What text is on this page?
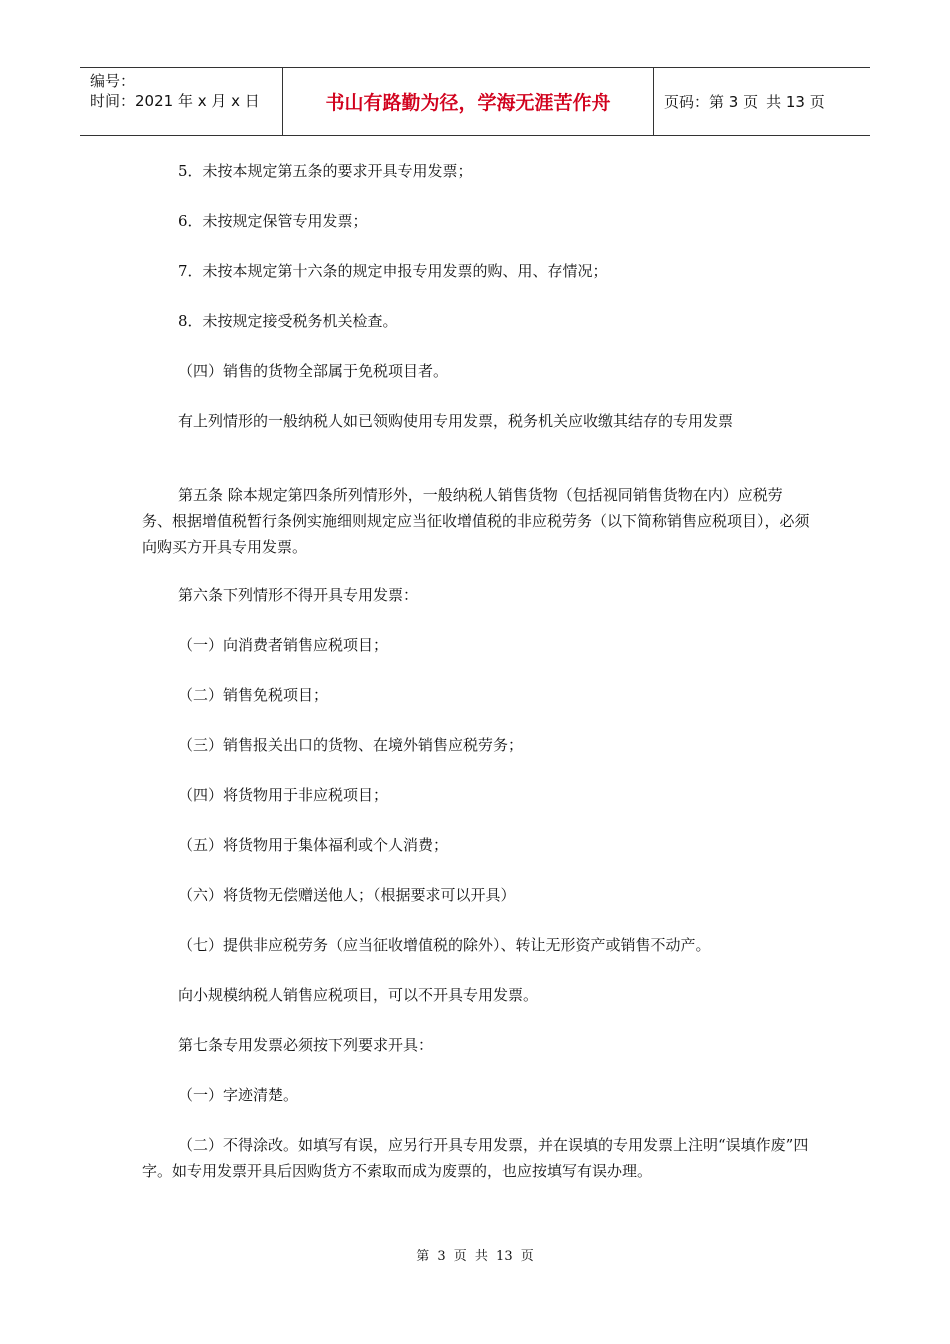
编号：
时间：2021 年 x 月 x 日	书山有路勤为径，学海无涯苦作舟	页码：第 3 页 共 13 页

5．未按本规定第五条的要求开具专用发票；

6．未按规定保管专用发票；

7．未按本规定第十六条的规定申报专用发票的购、用、存情况；

8．未按规定接受税务机关检查。

（四）销售的货物全部属于免税项目者。

有上列情形的一般纳税人如已领购使用专用发票，税务机关应收缴其结存的专用发票

第五条 除本规定第四条所列情形外，一般纳税人销售货物（包括视同销售货物在内）应税劳务、根据增值税暂行条例实施细则规定应当征收增值税的非应税劳务（以下简称销售应税项目），必须向购买方开具专用发票。

第六条下列情形不得开具专用发票：

（一）向消费者销售应税项目；

（二）销售免税项目；

（三）销售报关出口的货物、在境外销售应税劳务；

（四）将货物用于非应税项目；

（五）将货物用于集体福利或个人消费；

（六）将货物无偿赠送他人；（根据要求可以开具）

（七）提供非应税劳务（应当征收增值税的除外）、转让无形资产或销售不动产。

向小规模纳税人销售应税项目，可以不开具专用发票。

第七条专用发票必须按下列要求开具：

（一）字迹清楚。

（二）不得涂改。如填写有误，应另行开具专用发票，并在误填的专用发票上注明“误填作废”四字。如专用发票开具后因购货方不索取而成为废票的，也应按填写有误办理。

第 3 页 共 13 页
